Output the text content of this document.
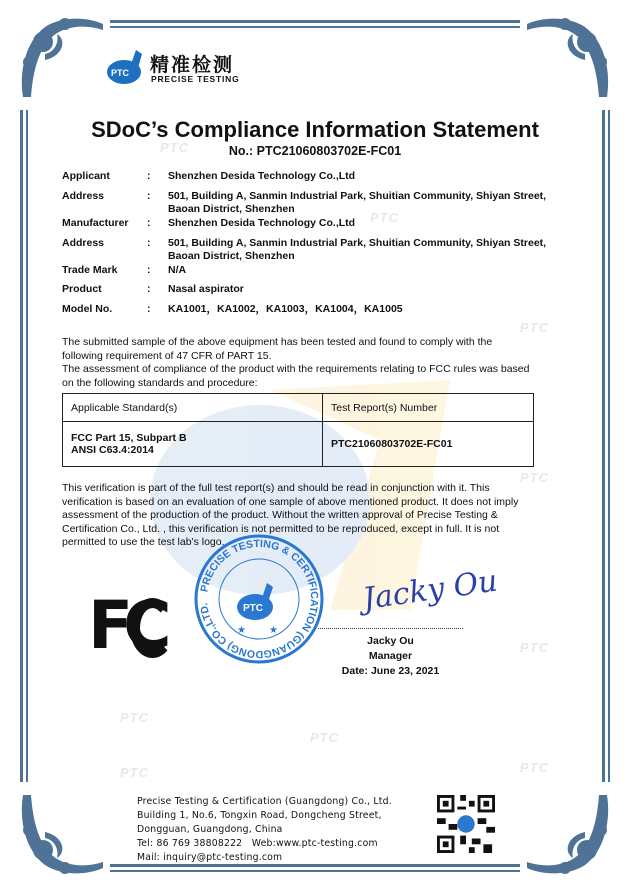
PTC
PTC
PTC
PTC
PTC
PTC
PTC
PTC	PTC
PTC 精准检测
PRECISE TESTING
SDoC’s Compliance Information Statement
No.: PTC21060803702E-FC01
Applicant	: Shenzhen Desida Technology Co.,Ltd
Address	: 501, Building A, Sanmin Industrial Park, Shuitian Community, Shiyan Street, Baoan District, Shenzhen
Manufacturer	: Shenzhen Desida Technology Co.,Ltd
Address	: 501, Building A, Sanmin Industrial Park, Shuitian Community, Shiyan Street, Baoan District, Shenzhen
Trade Mark	: N/A
Product	: Nasal aspirator
Model No.	: KA1001，KA1002，KA1003，KA1004，KA1005

The submitted sample of the above equipment has been tested and found to comply with the following requirement of 47 CFR of PART 15.

The assessment of compliance of the product with the requirements relating to FCC rules was based on the following standards and procedure:

Applicable Standard(s)	Test Report(s) Number

FCC Part 15, Subpart B
ANSI C63.4:2014	PTC21060803702E-FC01

This verification is part of the full test report(s) and should be read in conjunction with it. This verification is based on an evaluation of one sample of above mentioned product. It does not imply assessment of the production of the product. Without the written approval of Precise Testing & Certification Co., Ltd. , this verification is not permitted to be reproduced, except in full. It is not permitted to use the test lab's logo.

FC	PRECISE TESTING & CERTIFICATION (GUANGDONG) CO.,LTD.	PTC
★ ★
Jacky Ou
Jacky Ou
Manager
Date: June 23, 2021
Precise Testing & Certification (Guangdong) Co., Ltd.
Building 1, No.6, Tongxin Road, Dongcheng Street,
Dongguan, Guangdong, China
Tel: 86 769 38808222   Web:www.ptc-testing.com
Mail: inquiry@ptc-testing.com
